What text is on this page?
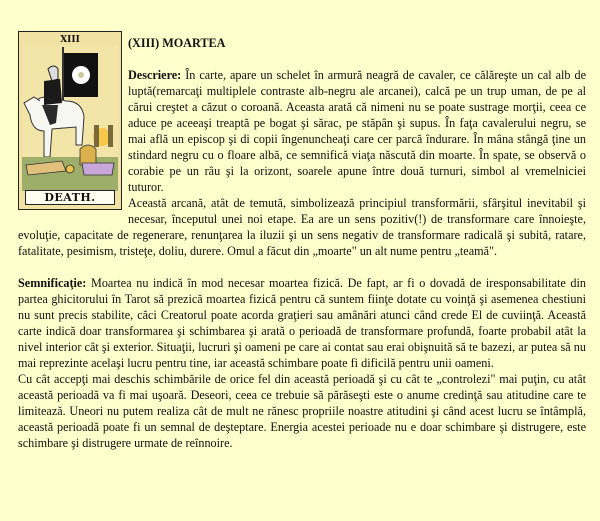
XIII
DEATH.

(XIII) MOARTEA

Descriere: În carte, apare un schelet în armură neagră de cavaler, ce călăreşte un cal alb de luptă(remarcaţi multiplele contraste alb-negru ale arcanei), calcă pe un trup uman, de pe al cărui creştet a căzut o coroană. Aceasta arată că nimeni nu se poate sustrage morţii, ceea ce aduce pe aceeaşi treaptă pe bogat şi sărac, pe stăpân şi supus. În faţa cavalerului negru, se mai află un episcop şi di copii îngenuncheaţi care cer parcă îndurare. În mâna stângă ţine un stindard negru cu o floare albă, ce semnifică viaţa născută din moarte. În spate, se observă o corabie pe un râu şi la orizont, soarele apune între două turnuri, simbol al vremelniciei tuturor.

Această arcană, atât de temută, simbolizează principiul transformării, sfârşitul inevitabil şi necesar, începutul unei noi etape. Ea are un sens pozitiv(!) de transformare care înnoieşte, evoluţie, capacitate de regenerare, renunţarea la iluzii şi un sens negativ de transformare radicală şi subită, ratare, fatalitate, pesimism, tristeţe, doliu, durere. Omul a făcut din „moarte" un alt nume pentru „teamă".

Semnificaţie: Moartea nu indică în mod necesar moartea fizică. De fapt, ar fi o dovadă de iresponsabilitate din partea ghicitorului în Tarot să prezică moartea fizică pentru că suntem fiinţe dotate cu voinţă şi asemenea chestiuni nu sunt precis stabilite, căci Creatorul poate acorda graţieri sau amânări atunci când crede El de cuviinţă. Această carte indică doar transformarea şi schimbarea şi arată o perioadă de transformare profundă, foarte probabil atât la nivel interior cât şi exterior. Situaţii, lucruri şi oameni pe care ai contat sau erai obişnuită să te bazezi, ar putea să nu mai reprezinte acelaşi lucru pentru tine, iar această schimbare poate fi dificilă pentru unii oameni.

Cu cât accepţi mai deschis schimbările de orice fel din această perioadă şi cu cât te „controlezi" mai puţin, cu atât această perioadă va fi mai uşoară. Deseori, ceea ce trebuie să părăseşti este o anume credinţă sau atitudine care te limitează. Uneori nu putem realiza cât de mult ne rănesc propriile noastre atitudini şi când acest lucru se întâmplă, această perioadă poate fi un semnal de deşteptare. Energia acestei perioade nu e doar schimbare şi distrugere, este schimbare şi distrugere urmate de reînnoire.
